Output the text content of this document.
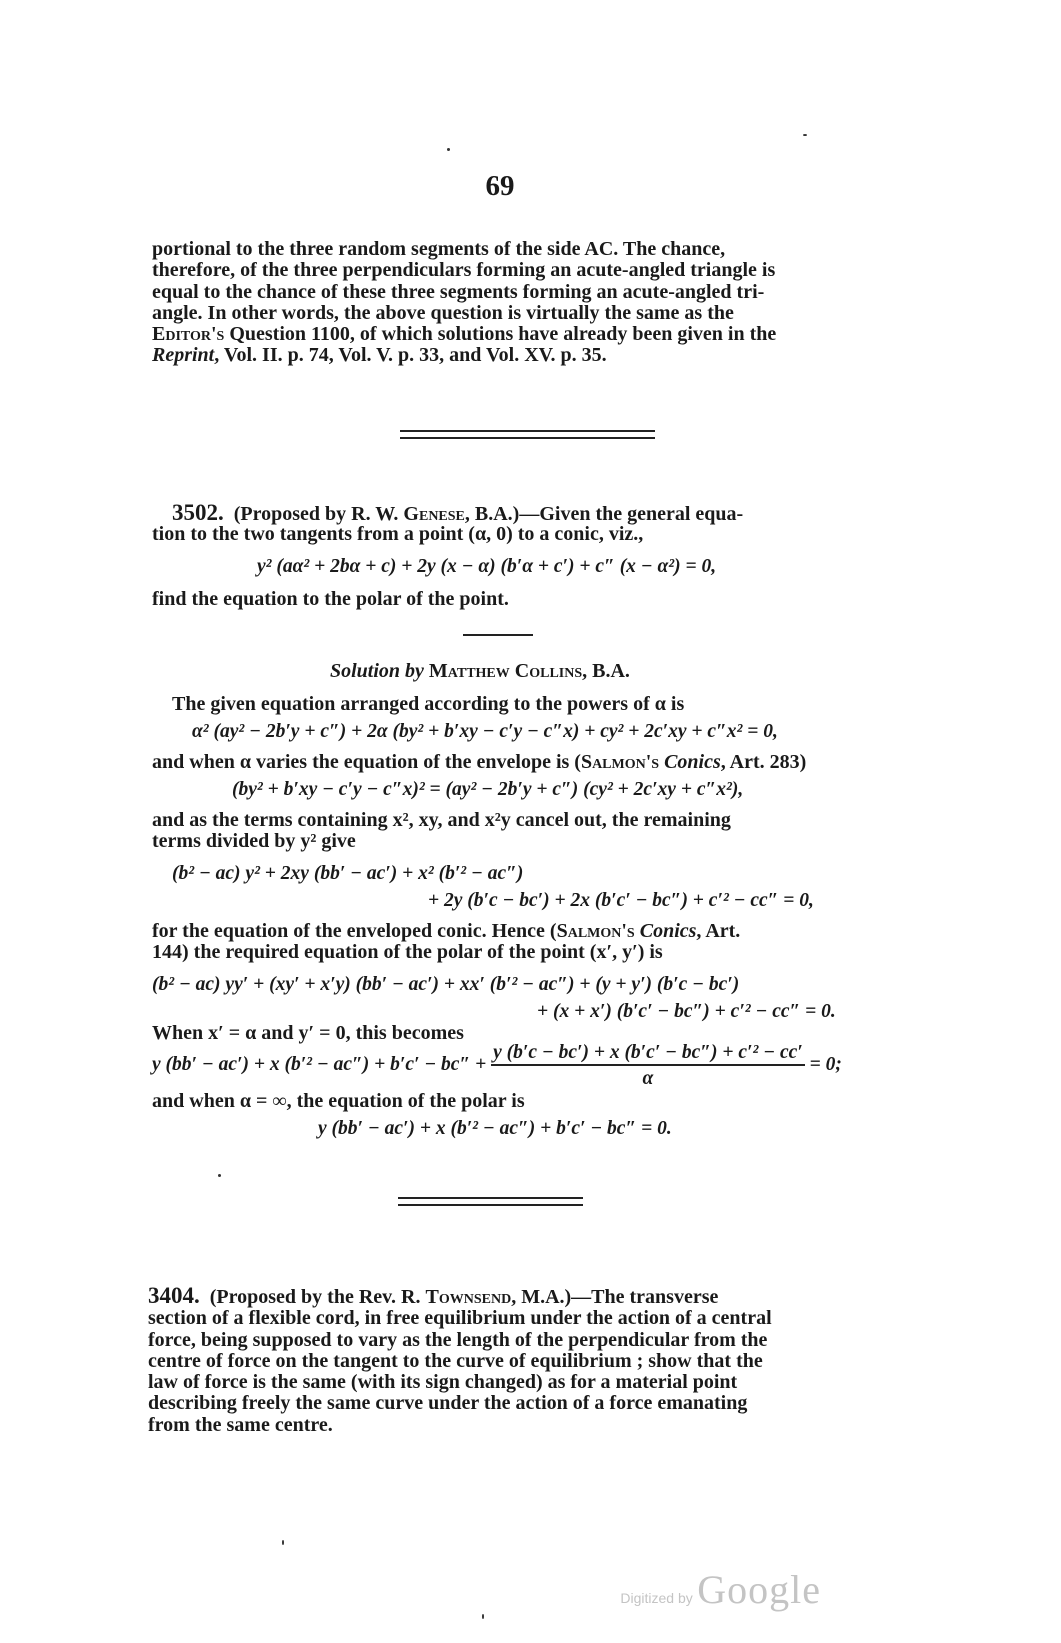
69
portional to the three random segments of the side AC. The chance,
therefore, of the three perpendiculars forming an acute-angled triangle is
equal to the chance of these three segments forming an acute-angled tri-
angle. In other words, the above question is virtually the same as the
Editor's Question 1100, of which solutions have already been given in the
Reprint, Vol. II. p. 74, Vol. V. p. 33, and Vol. XV. p. 35.
3502. (Proposed by R. W. Genese, B.A.)—Given the general equa-
tion to the two tangents from a point (α, 0) to a conic, viz.,
y² (aα² + 2bα + c) + 2y (x − α) (b′α + c′) + c″ (x − α²) = 0,
find the equation to the polar of the point.
Solution by Matthew Collins, B.A.
The given equation arranged according to the powers of α is
α² (ay² − 2b′y + c″) + 2α (by² + b′xy − c′y − c″x) + cy² + 2c′xy + c″x² = 0,
and when α varies the equation of the envelope is (Salmon's Conics, Art. 283)
(by² + b′xy − c′y − c″x)² = (ay² − 2b′y + c″) (cy² + 2c′xy + c″x²),
and as the terms containing x², xy, and x²y cancel out, the remaining
terms divided by y² give
(b² − ac) y² + 2xy (bb′ − ac′) + x² (b′² − ac″)
+ 2y (b′c − bc′) + 2x (b′c′ − bc″) + c′² − cc″ = 0,
for the equation of the enveloped conic. Hence (Salmon's Conics, Art.
144) the required equation of the polar of the point (x′, y′) is
(b² − ac) yy′ + (xy′ + x′y) (bb′ − ac′) + xx′ (b′² − ac″) + (y + y′) (b′c − bc′)
+ (x + x′) (b′c′ − bc″) + c′² − cc″ = 0.
When x′ = α and y′ = 0, this becomes
y (bb′ − ac′) + x $(b'^2 - ac'') + b'c' - bc'' + \frac{\text{y (b′c − bc′) + x (b′c′ − bc″) + c′² − cc′}}{\alpha} = 0$;
and when α = ∞, the equation of the polar is
y (bb′ − ac′) + x (b′² − ac″) + b′c′ − bc″ = 0.
3404. (Proposed by the Rev. R. Townsend, M.A.)—The transverse
section of a flexible cord, in free equilibrium under the action of a central
force, being supposed to vary as the length of the perpendicular from the
centre of force on the tangent to the curve of equilibrium ; show that the
law of force is the same (with its sign changed) as for a material point
describing freely the same curve under the action of a force emanating
from the same centre.
Digitized by Google
